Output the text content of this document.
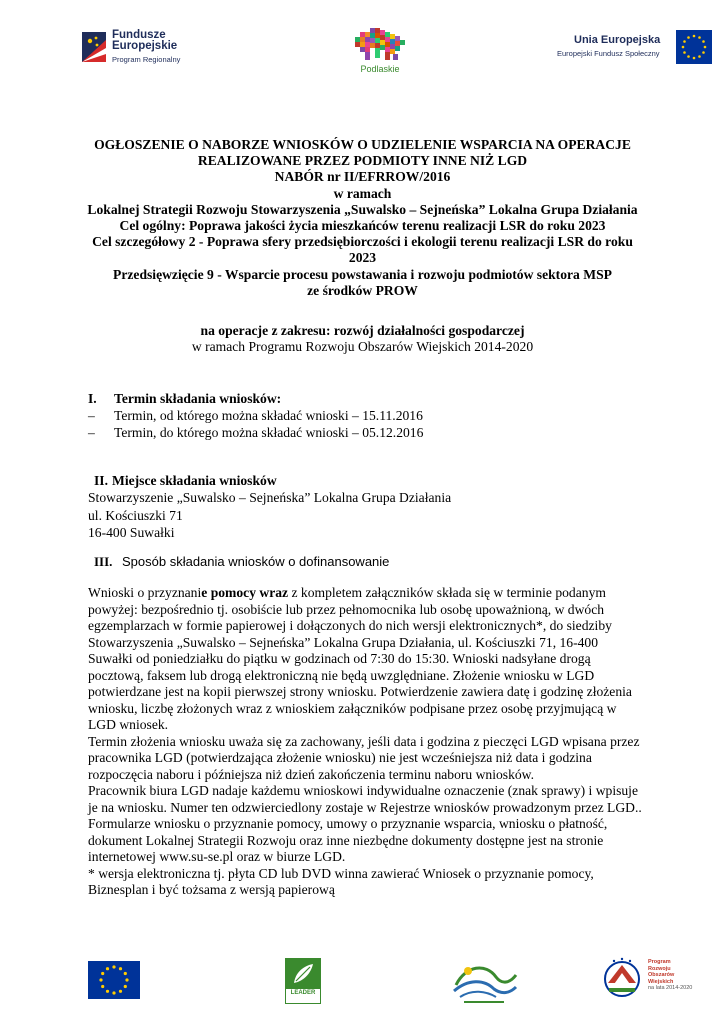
Fundusze
Europejskie
Program Regionalny
Podlaskie
Unia Europejska
Europejski Fundusz Społeczny
OGŁOSZENIE O NABORZE WNIOSKÓW O UDZIELENIE WSPARCIA NA OPERACJE
REALIZOWANE PRZEZ PODMIOTY INNE NIŻ LGD
NABÓR nr II/EFRROW/2016
w ramach
Lokalnej Strategii Rozwoju Stowarzyszenia „Suwalsko – Sejneńska” Lokalna Grupa Działania
Cel ogólny: Poprawa jakości życia mieszkańców terenu realizacji LSR do roku 2023
Cel szczegółowy 2 - Poprawa sfery przedsiębiorczości i ekologii terenu realizacji LSR do roku
2023
Przedsięwzięcie 9 - Wsparcie procesu powstawania i rozwoju podmiotów sektora MSP
ze środków PROW
na operacje z zakresu: rozwój działalności gospodarczej
w ramach Programu Rozwoju Obszarów Wiejskich 2014-2020
I. Termin składania wniosków:
– Termin, od którego można składać wnioski – 15.11.2016
– Termin, do którego można składać wnioski – 05.12.2016
II. Miejsce składania wniosków
Stowarzyszenie „Suwalsko – Sejneńska” Lokalna Grupa Działania
ul. Kościuszki 71
16-400 Suwałki
III. Sposób składania wniosków o dofinansowanie
Wnioski o przyznanie pomocy wraz z kompletem załączników składa się w terminie podanym
powyżej: bezpośrednio tj. osobiście lub przez pełnomocnika lub osobę upoważnioną, w dwóch
egzemplarzach w formie papierowej i dołączonych do nich wersji elektronicznych*, do siedziby
Stowarzyszenia „Suwalsko – Sejneńska” Lokalna Grupa Działania, ul. Kościuszki 71, 16-400
Suwałki od poniedziałku do piątku w godzinach od 7:30 do 15:30. Wnioski nadsyłane drogą
pocztową, faksem lub drogą elektroniczną nie będą uwzględniane. Złożenie wniosku w LGD
potwierdzane jest na kopii pierwszej strony wniosku. Potwierdzenie zawiera datę i godzinę złożenia
wniosku, liczbę złożonych wraz z wnioskiem załączników podpisane przez osobę przyjmującą w
LGD wniosek.
Termin złożenia wniosku uważa się za zachowany, jeśli data i godzina z pieczęci LGD wpisana przez
pracownika LGD (potwierdzająca złożenie wniosku) nie jest wcześniejsza niż data i godzina
rozpoczęcia naboru i późniejsza niż dzień zakończenia terminu naboru wniosków.
Pracownik biura LGD nadaje każdemu wnioskowi indywidualne oznaczenie (znak sprawy) i wpisuje
je na wniosku. Numer ten odzwierciedlony zostaje w Rejestrze wniosków prowadzonym przez LGD..
Formularze wniosku o przyznanie pomocy, umowy o przyznanie wsparcia, wniosku o płatność,
dokument Lokalnej Strategii Rozwoju oraz inne niezbędne dokumenty dostępne jest na stronie
internetowej www.su-se.pl oraz w biurze LGD.
* wersja elektroniczna tj. płyta CD lub DVD winna zawierać Wniosek o przyznanie pomocy,
Biznesplan i być tożsama z wersją papierową
LEADER
Program
Rozwoju
Obszarów
Wiejskich
na lata 2014-2020
